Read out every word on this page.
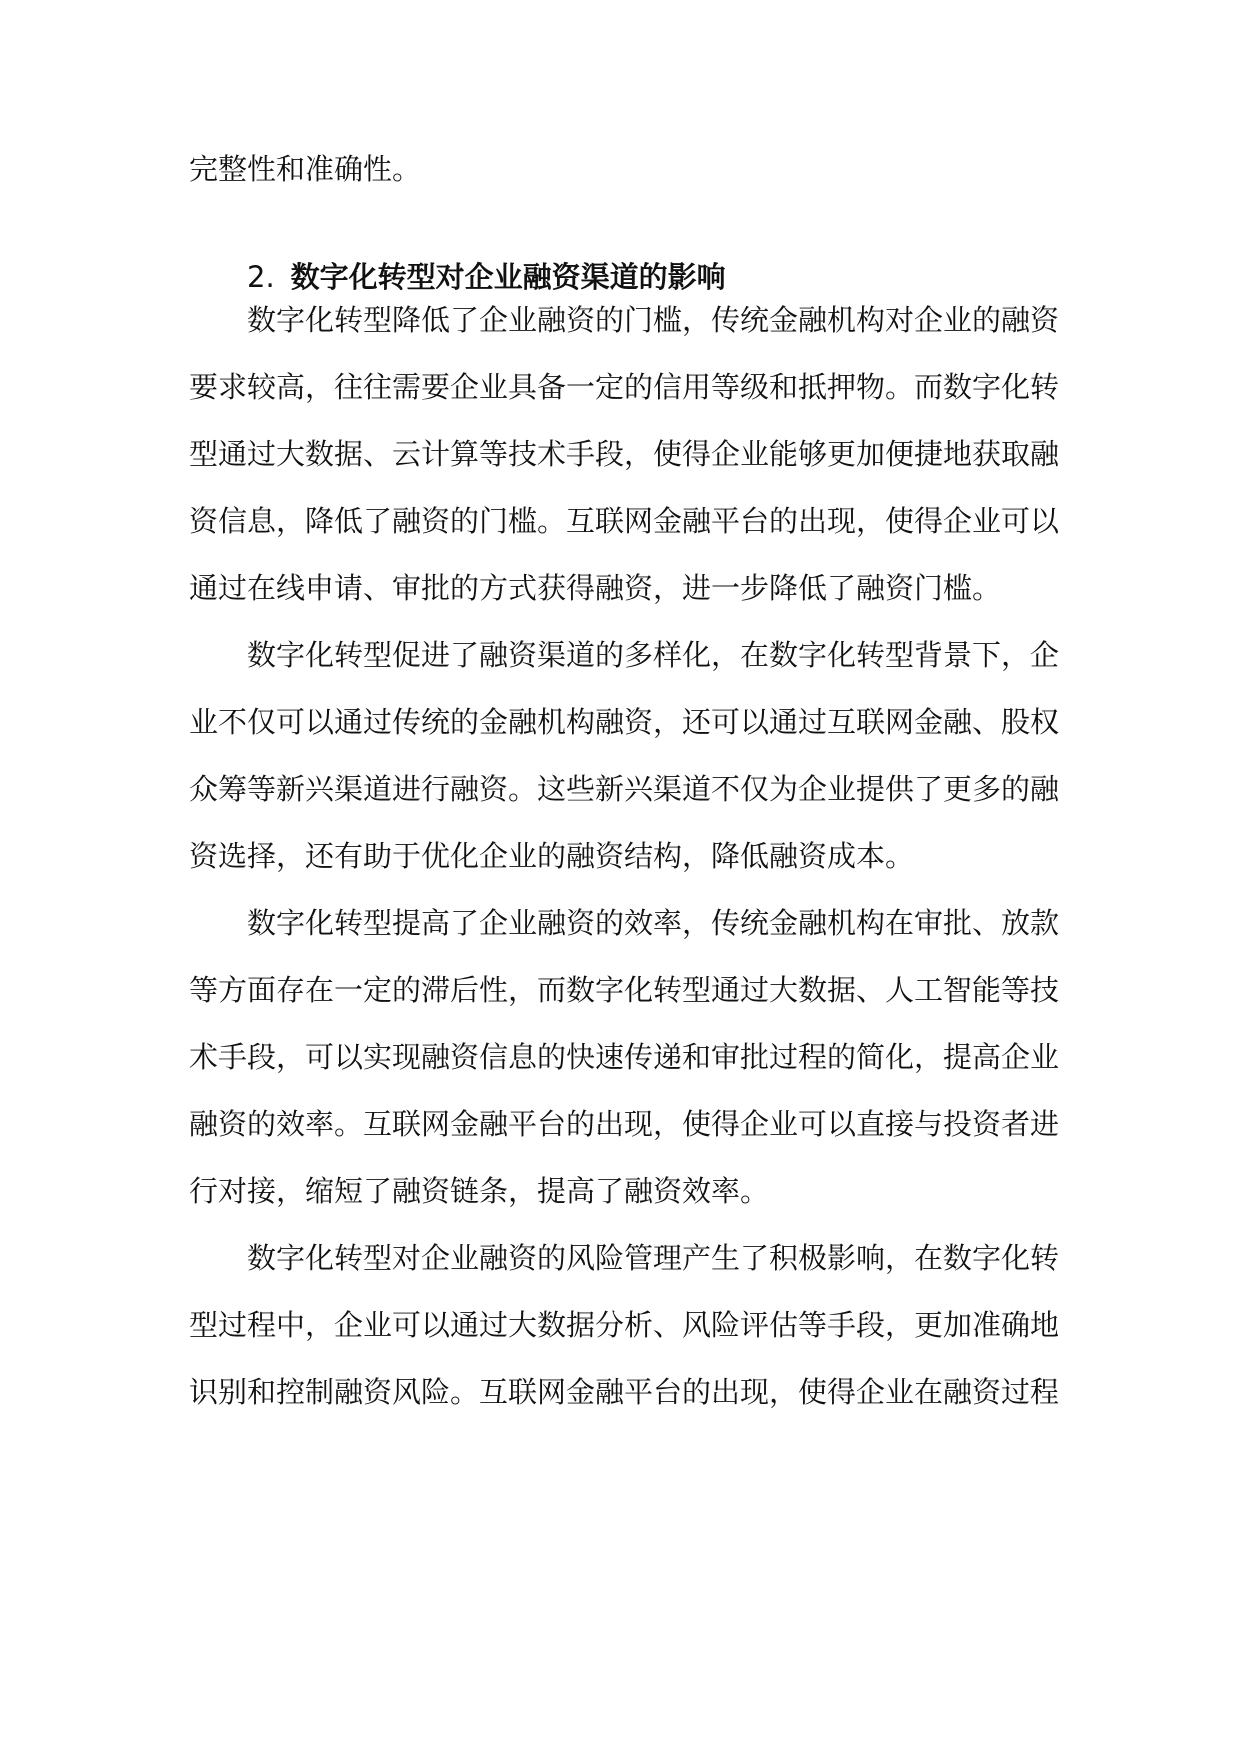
完整性和准确性。
2. 数字化转型对企业融资渠道的影响
数字化转型降低了企业融资的门槛，传统金融机构对企业的融资
要求较高，往往需要企业具备一定的信用等级和抵押物。而数字化转
型通过大数据、云计算等技术手段，使得企业能够更加便捷地获取融
资信息，降低了融资的门槛。互联网金融平台的出现，使得企业可以
通过在线申请、审批的方式获得融资，进一步降低了融资门槛。
数字化转型促进了融资渠道的多样化，在数字化转型背景下，企
业不仅可以通过传统的金融机构融资，还可以通过互联网金融、股权
众筹等新兴渠道进行融资。这些新兴渠道不仅为企业提供了更多的融
资选择，还有助于优化企业的融资结构，降低融资成本。
数字化转型提高了企业融资的效率，传统金融机构在审批、放款
等方面存在一定的滞后性，而数字化转型通过大数据、人工智能等技
术手段，可以实现融资信息的快速传递和审批过程的简化，提高企业
融资的效率。互联网金融平台的出现，使得企业可以直接与投资者进
行对接，缩短了融资链条，提高了融资效率。
数字化转型对企业融资的风险管理产生了积极影响，在数字化转
型过程中，企业可以通过大数据分析、风险评估等手段，更加准确地
识别和控制融资风险。互联网金融平台的出现，使得企业在融资过程
